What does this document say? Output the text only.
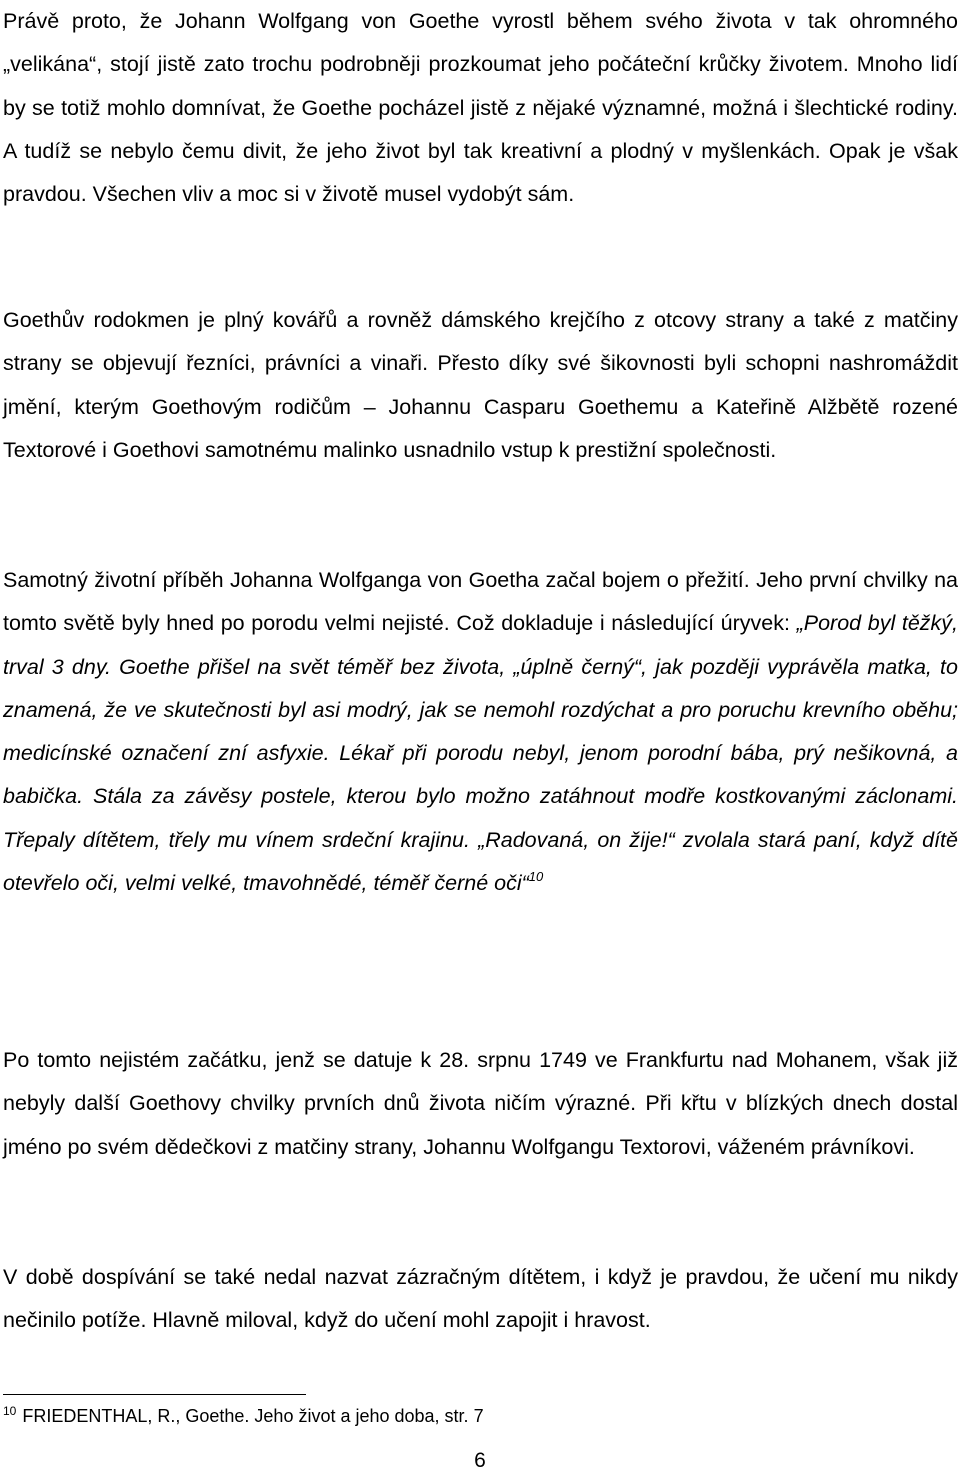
Právě proto, že Johann Wolfgang von Goethe vyrostl během svého života v tak ohromného „velikána“, stojí jistě zato trochu podrobněji prozkoumat jeho počáteční krůčky životem. Mnoho lidí by se totiž mohlo domnívat, že Goethe pocházel jistě z nějaké významné, možná i šlechtické rodiny. A tudíž se nebylo čemu divit, že jeho život byl tak kreativní a plodný v myšlenkách. Opak je však pravdou. Všechen vliv a moc si v životě musel vydobýt sám.

Goethův rodokmen je plný kovářů a rovněž dámského krejčího z otcovy strany a také z matčiny strany se objevují řezníci, právníci a vinaři. Přesto díky své šikovnosti byli schopni nashromáždit jmění, kterým Goethovým rodičům – Johannu Casparu Goethemu a Kateřině Alžbětě rozené Textorové i Goethovi samotnému malinko usnadnilo vstup k prestižní společnosti.

Samotný životní příběh Johanna Wolfganga von Goetha začal bojem o přežití. Jeho první chvilky na tomto světě byly hned po porodu velmi nejisté. Což dokladuje i následující úryvek: „Porod byl těžký, trval 3 dny. Goethe přišel na svět téměř bez života, „úplně černý“, jak později vyprávěla matka, to znamená, že ve skutečnosti byl asi modrý, jak se nemohl rozdýchat a pro poruchu krevního oběhu; medicínské označení zní asfyxie. Lékař při porodu nebyl, jenom porodní bába, prý nešikovná, a babička. Stála za závěsy postele, kterou bylo možno zatáhnout modře kostkovanými záclonami. Třepaly dítětem, třely mu vínem srdeční krajinu. „Radovaná, on žije!“ zvolala stará paní, když dítě otevřelo oči, velmi velké, tmavohnědé, téměř černé oči“$^{10}$

Po tomto nejistém začátku, jenž se datuje k 28. srpnu 1749 ve Frankfurtu nad Mohanem, však již nebyly další Goethovy chvilky prvních dnů života ničím výrazné. Při křtu v blízkých dnech dostal jméno po svém dědečkovi z matčiny strany, Johannu Wolfgangu Textorovi, váženém právníkovi.

V době dospívání se také nedal nazvat zázračným dítětem, i když je pravdou, že učení mu nikdy nečinilo potíže. Hlavně miloval, když do učení mohl zapojit i hravost.

$^{10}$ FRIEDENTHAL, R., Goethe. Jeho život a jeho doba, str. 7

6
